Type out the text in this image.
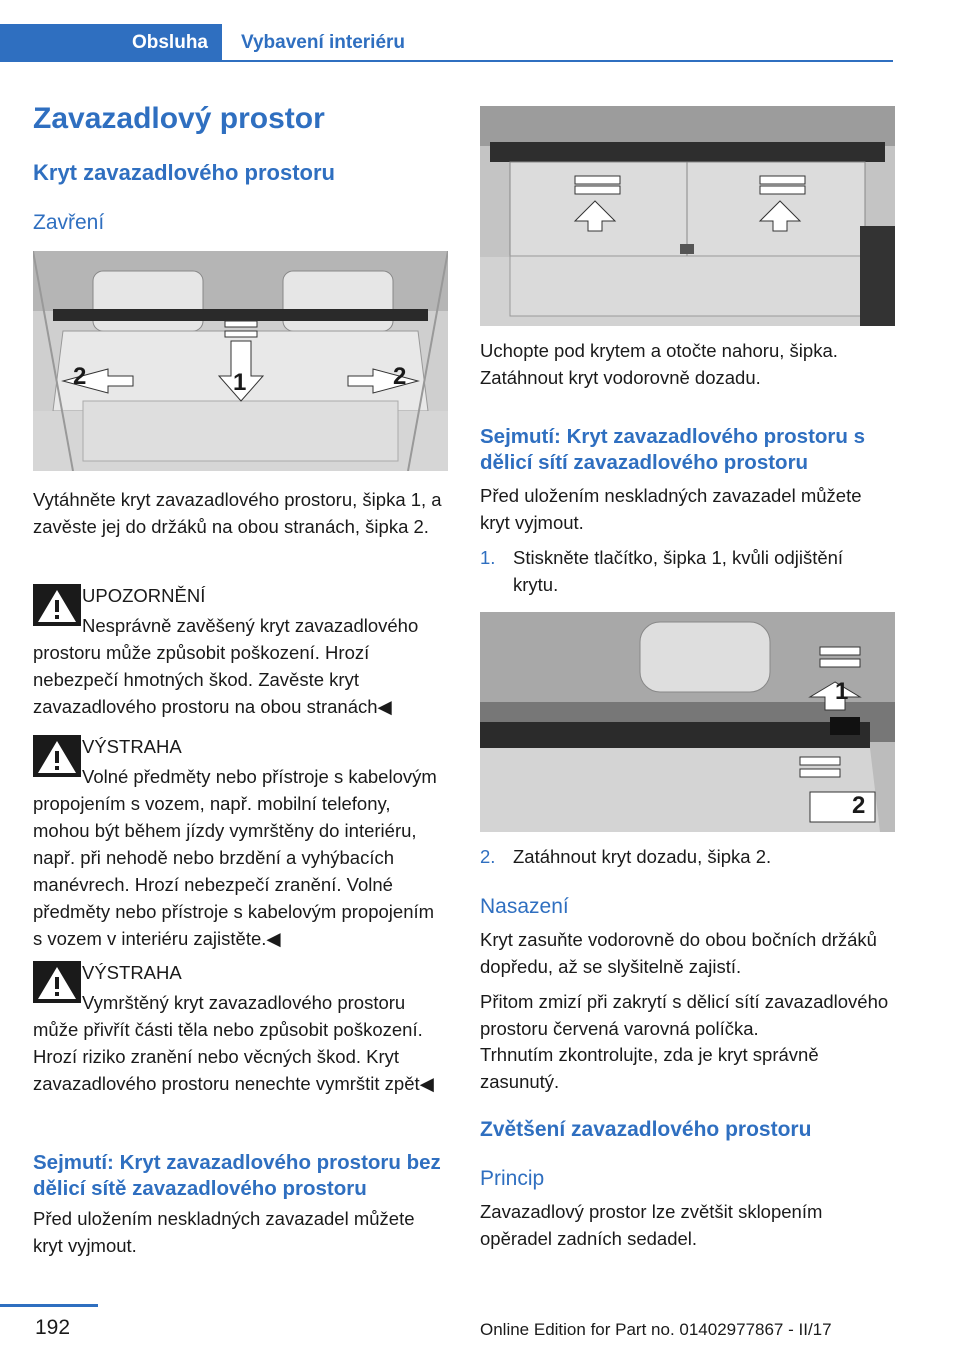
Obsluha	Vybavení interiéru
Zavazadlový prostor
Kryt zavazadlového prostoru
Zavření
2	1	2

Vytáhněte kryt zavazadlového prostoru, šipka 1, a zavěste jej do držáků na obou stranách, šipka 2.

UPOZORNĚNÍ
Nesprávně zavěšený kryt zavazadlového prostoru může způsobit poškození. Hrozí nebezpečí hmotných škod. Zavěste kryt zavazadlového prostoru na obou stranách◀
VÝSTRAHA
Volné předměty nebo přístroje s kabelovým propojením s vozem, např. mobilní telefony, mohou být během jízdy vymrštěny do interiéru, např. při nehodě nebo brzdění a vyhýbacích manévrech. Hrozí nebezpečí zranění. Volné předměty nebo přístroje s kabelovým propojením s vozem v interiéru zajistěte.◀
VÝSTRAHA
Vymrštěný kryt zavazadlového prostoru může přivřít části těla nebo způsobit poškození. Hrozí riziko zranění nebo věcných škod. Kryt zavazadlového prostoru nenechte vymrštit zpět◀
Sejmutí: Kryt zavazadlového prostoru bez dělicí sítě zavazadlového prostoru

Před uložením neskladných zavazadel můžete kryt vyjmout.

Uchopte pod krytem a otočte nahoru, šipka. Zatáhnout kryt vodorovně dozadu.

Sejmutí: Kryt zavazadlového prostoru s dělicí sítí zavazadlového prostoru

Před uložením neskladných zavazadel můžete kryt vyjmout.

1. Stiskněte tlačítko, šipka 1, kvůli odjištění krytu.

1
2
2. Zatáhnout kryt dozadu, šipka 2.

Nasazení

Kryt zasuňte vodorovně do obou bočních držáků dopředu, až se slyšitelně zajistí.

Přitom zmizí při zakrytí s dělicí sítí zavazadlového prostoru červená varovná políčka.

Trhnutím zkontrolujte, zda je kryt správně zasunutý.

Zvětšení zavazadlového prostoru
Princip

Zavazadlový prostor lze zvětšit sklopením opěradel zadních sedadel.

192	Online Edition for Part no. 01402977867 - II/17
